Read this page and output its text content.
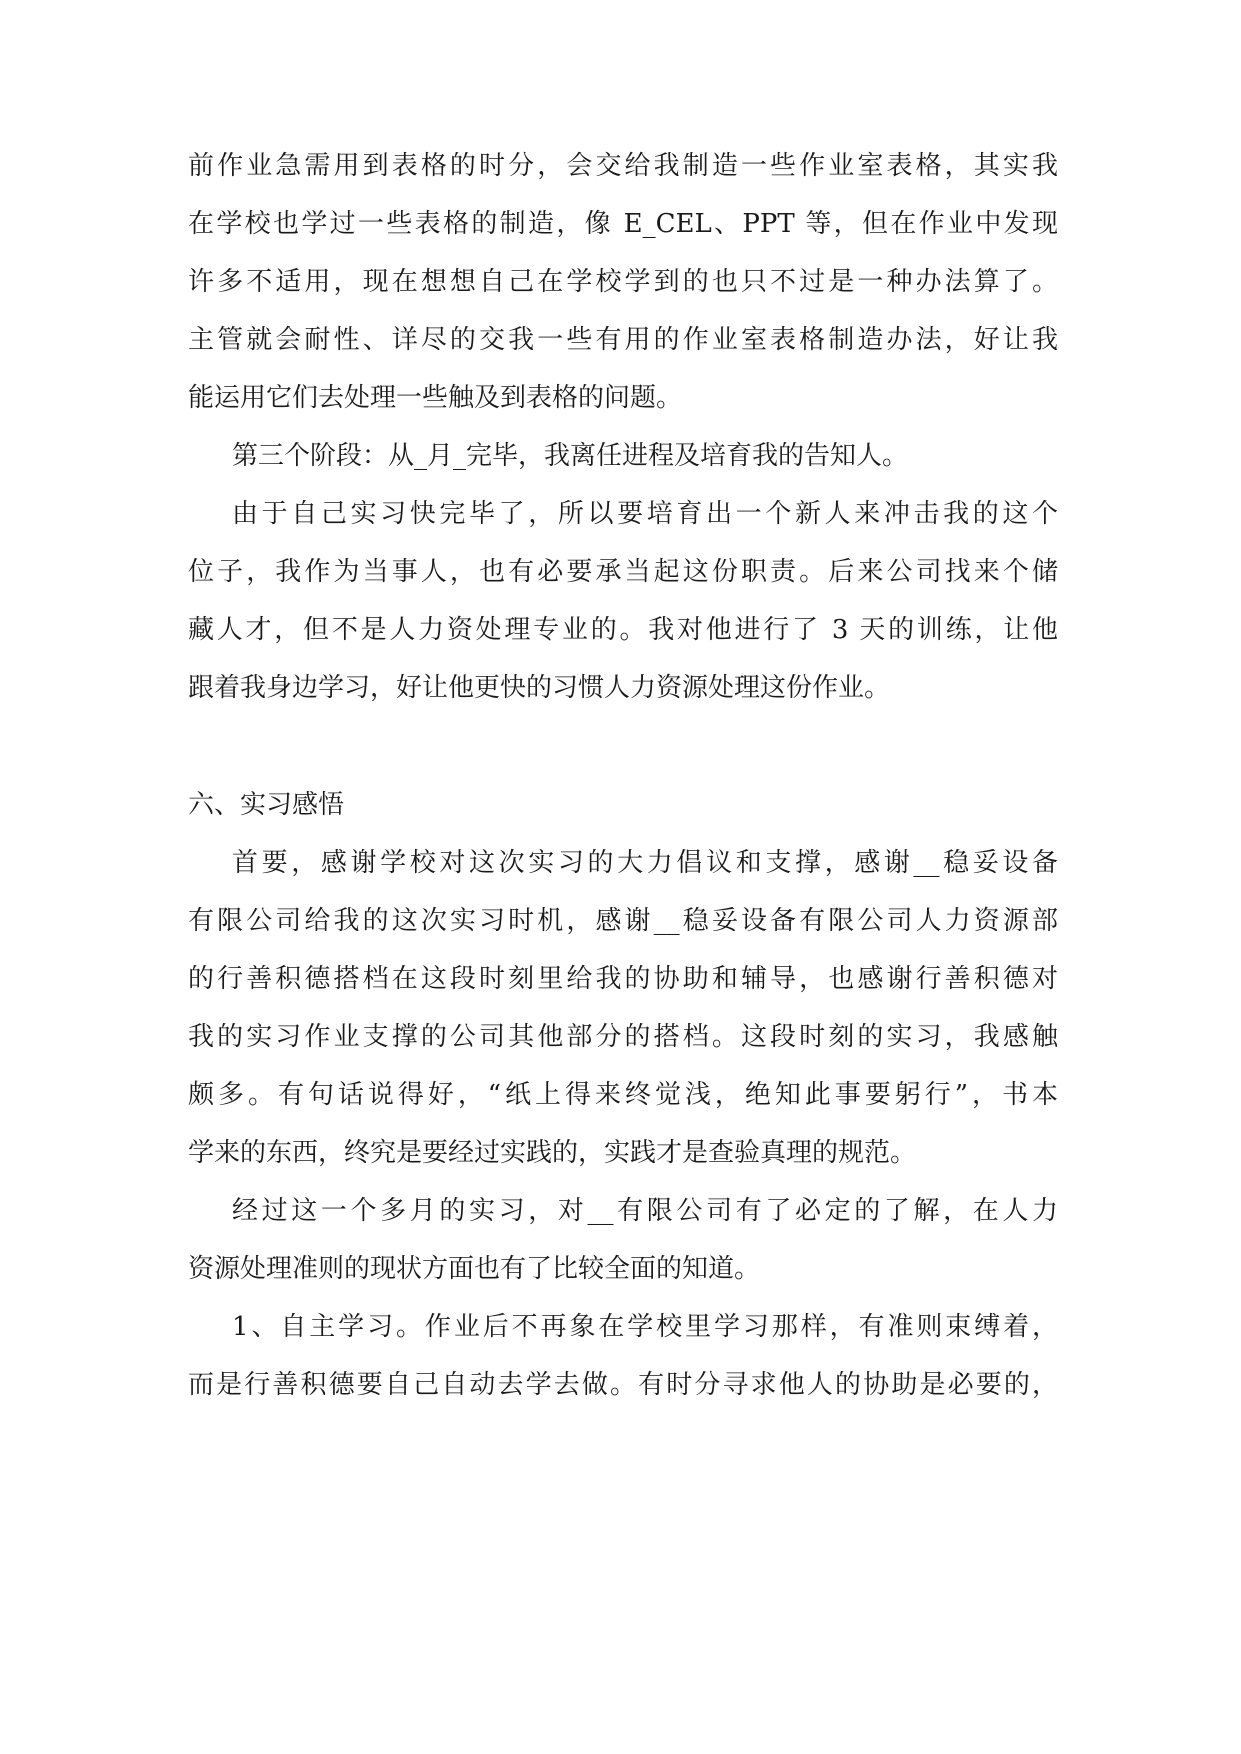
前作业急需用到表格的时分，会交给我制造一些作业室表格，其实我
在学校也学过一些表格的制造，像 E_CEL、PPT 等，但在作业中发现
许多不适用，现在想想自己在学校学到的也只不过是一种办法算了。
主管就会耐性、详尽的交我一些有用的作业室表格制造办法，好让我
能运用它们去处理一些触及到表格的问题。
第三个阶段：从_月_完毕，我离任进程及培育我的告知人。
由于自己实习快完毕了，所以要培育出一个新人来冲击我的这个
位子，我作为当事人，也有必要承当起这份职责。后来公司找来个储
藏人才，但不是人力资处理专业的。我对他进行了 3 天的训练，让他
跟着我身边学习，好让他更快的习惯人力资源处理这份作业。
六、实习感悟
首要，感谢学校对这次实习的大力倡议和支撑，感谢__稳妥设备
有限公司给我的这次实习时机，感谢__稳妥设备有限公司人力资源部
的行善积德搭档在这段时刻里给我的协助和辅导，也感谢行善积德对
我的实习作业支撑的公司其他部分的搭档。这段时刻的实习，我感触
颇多。有句话说得好，“纸上得来终觉浅，绝知此事要躬行”，书本
学来的东西，终究是要经过实践的，实践才是查验真理的规范。
经过这一个多月的实习，对__有限公司有了必定的了解，在人力
资源处理准则的现状方面也有了比较全面的知道。
1、自主学习。作业后不再象在学校里学习那样，有准则束缚着，
而是行善积德要自己自动去学去做。有时分寻求他人的协助是必要的，
